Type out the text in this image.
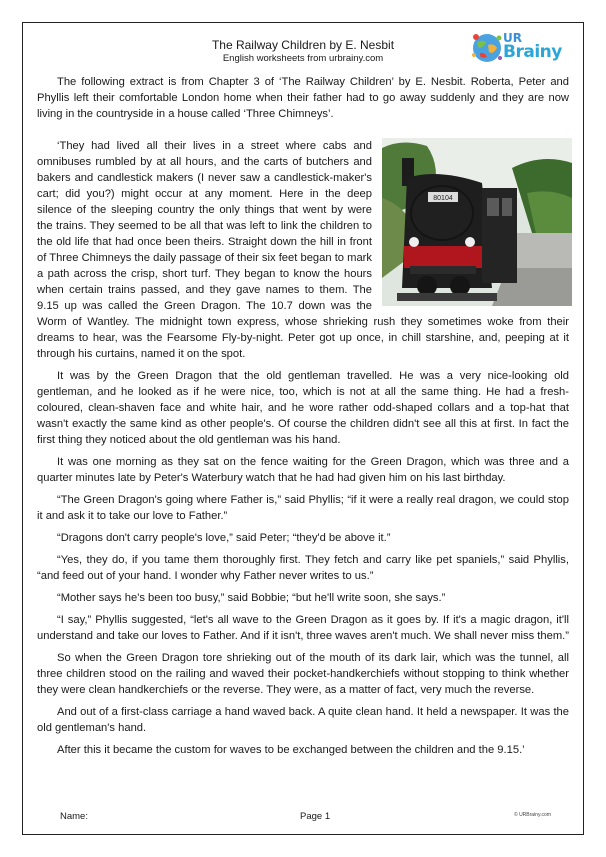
The Railway Children by E. Nesbit
English worksheets from urbrainy.com
UR
Brainy

The following extract is from Chapter 3 of ‘The Railway Children’ by E. Nesbit. Roberta, Peter and Phyllis left their comfortable London home when their father had to go away suddenly and they are now living in the countryside in a house called ‘Three Chimneys’.

80104

‘They had lived all their lives in a street where cabs and omnibuses rumbled by at all hours, and the carts of butchers and bakers and candlestick makers (I never saw a candlestick-maker's cart; did you?) might occur at any moment. Here in the deep silence of the sleeping country the only things that went by were the trains. They seemed to be all that was left to link the children to the old life that had once been theirs. Straight down the hill in front of Three Chimneys the daily passage of their six feet began to mark a path across the crisp, short turf. They began to know the hours when certain trains passed, and they gave names to them. The 9.15 up was called the Green Dragon. The 10.7 down was the Worm of Wantley. The midnight town express, whose shrieking rush they sometimes woke from their dreams to hear, was the Fearsome Fly-by-night. Peter got up once, in chill starshine, and, peeping at it through his curtains, named it on the spot.

It was by the Green Dragon that the old gentleman travelled. He was a very nice-looking old gentleman, and he looked as if he were nice, too, which is not at all the same thing. He had a fresh-coloured, clean-shaven face and white hair, and he wore rather odd-shaped collars and a top-hat that wasn't exactly the same kind as other people's. Of course the children didn't see all this at first. In fact the first thing they noticed about the old gentleman was his hand.

It was one morning as they sat on the fence waiting for the Green Dragon, which was three and a quarter minutes late by Peter's Waterbury watch that he had had given him on his last birthday.

“The Green Dragon's going where Father is,” said Phyllis; “if it were a really real dragon, we could stop it and ask it to take our love to Father.”

“Dragons don't carry people's love,” said Peter; “they'd be above it.”

“Yes, they do, if you tame them thoroughly first. They fetch and carry like pet spaniels,” said Phyllis, “and feed out of your hand. I wonder why Father never writes to us.”

“Mother says he's been too busy,” said Bobbie; “but he'll write soon, she says.”

“I say,” Phyllis suggested, “let's all wave to the Green Dragon as it goes by. If it's a magic dragon, it'll understand and take our loves to Father. And if it isn't, three waves aren't much. We shall never miss them.”

So when the Green Dragon tore shrieking out of the mouth of its dark lair, which was the tunnel, all three children stood on the railing and waved their pocket-handkerchiefs without stopping to think whether they were clean handkerchiefs or the reverse. They were, as a matter of fact, very much the reverse.

And out of a first-class carriage a hand waved back. A quite clean hand. It held a newspaper. It was the old gentleman's hand.

After this it became the custom for waves to be exchanged between the children and the 9.15.’

Name:	Page 1	© URBrainy.com
